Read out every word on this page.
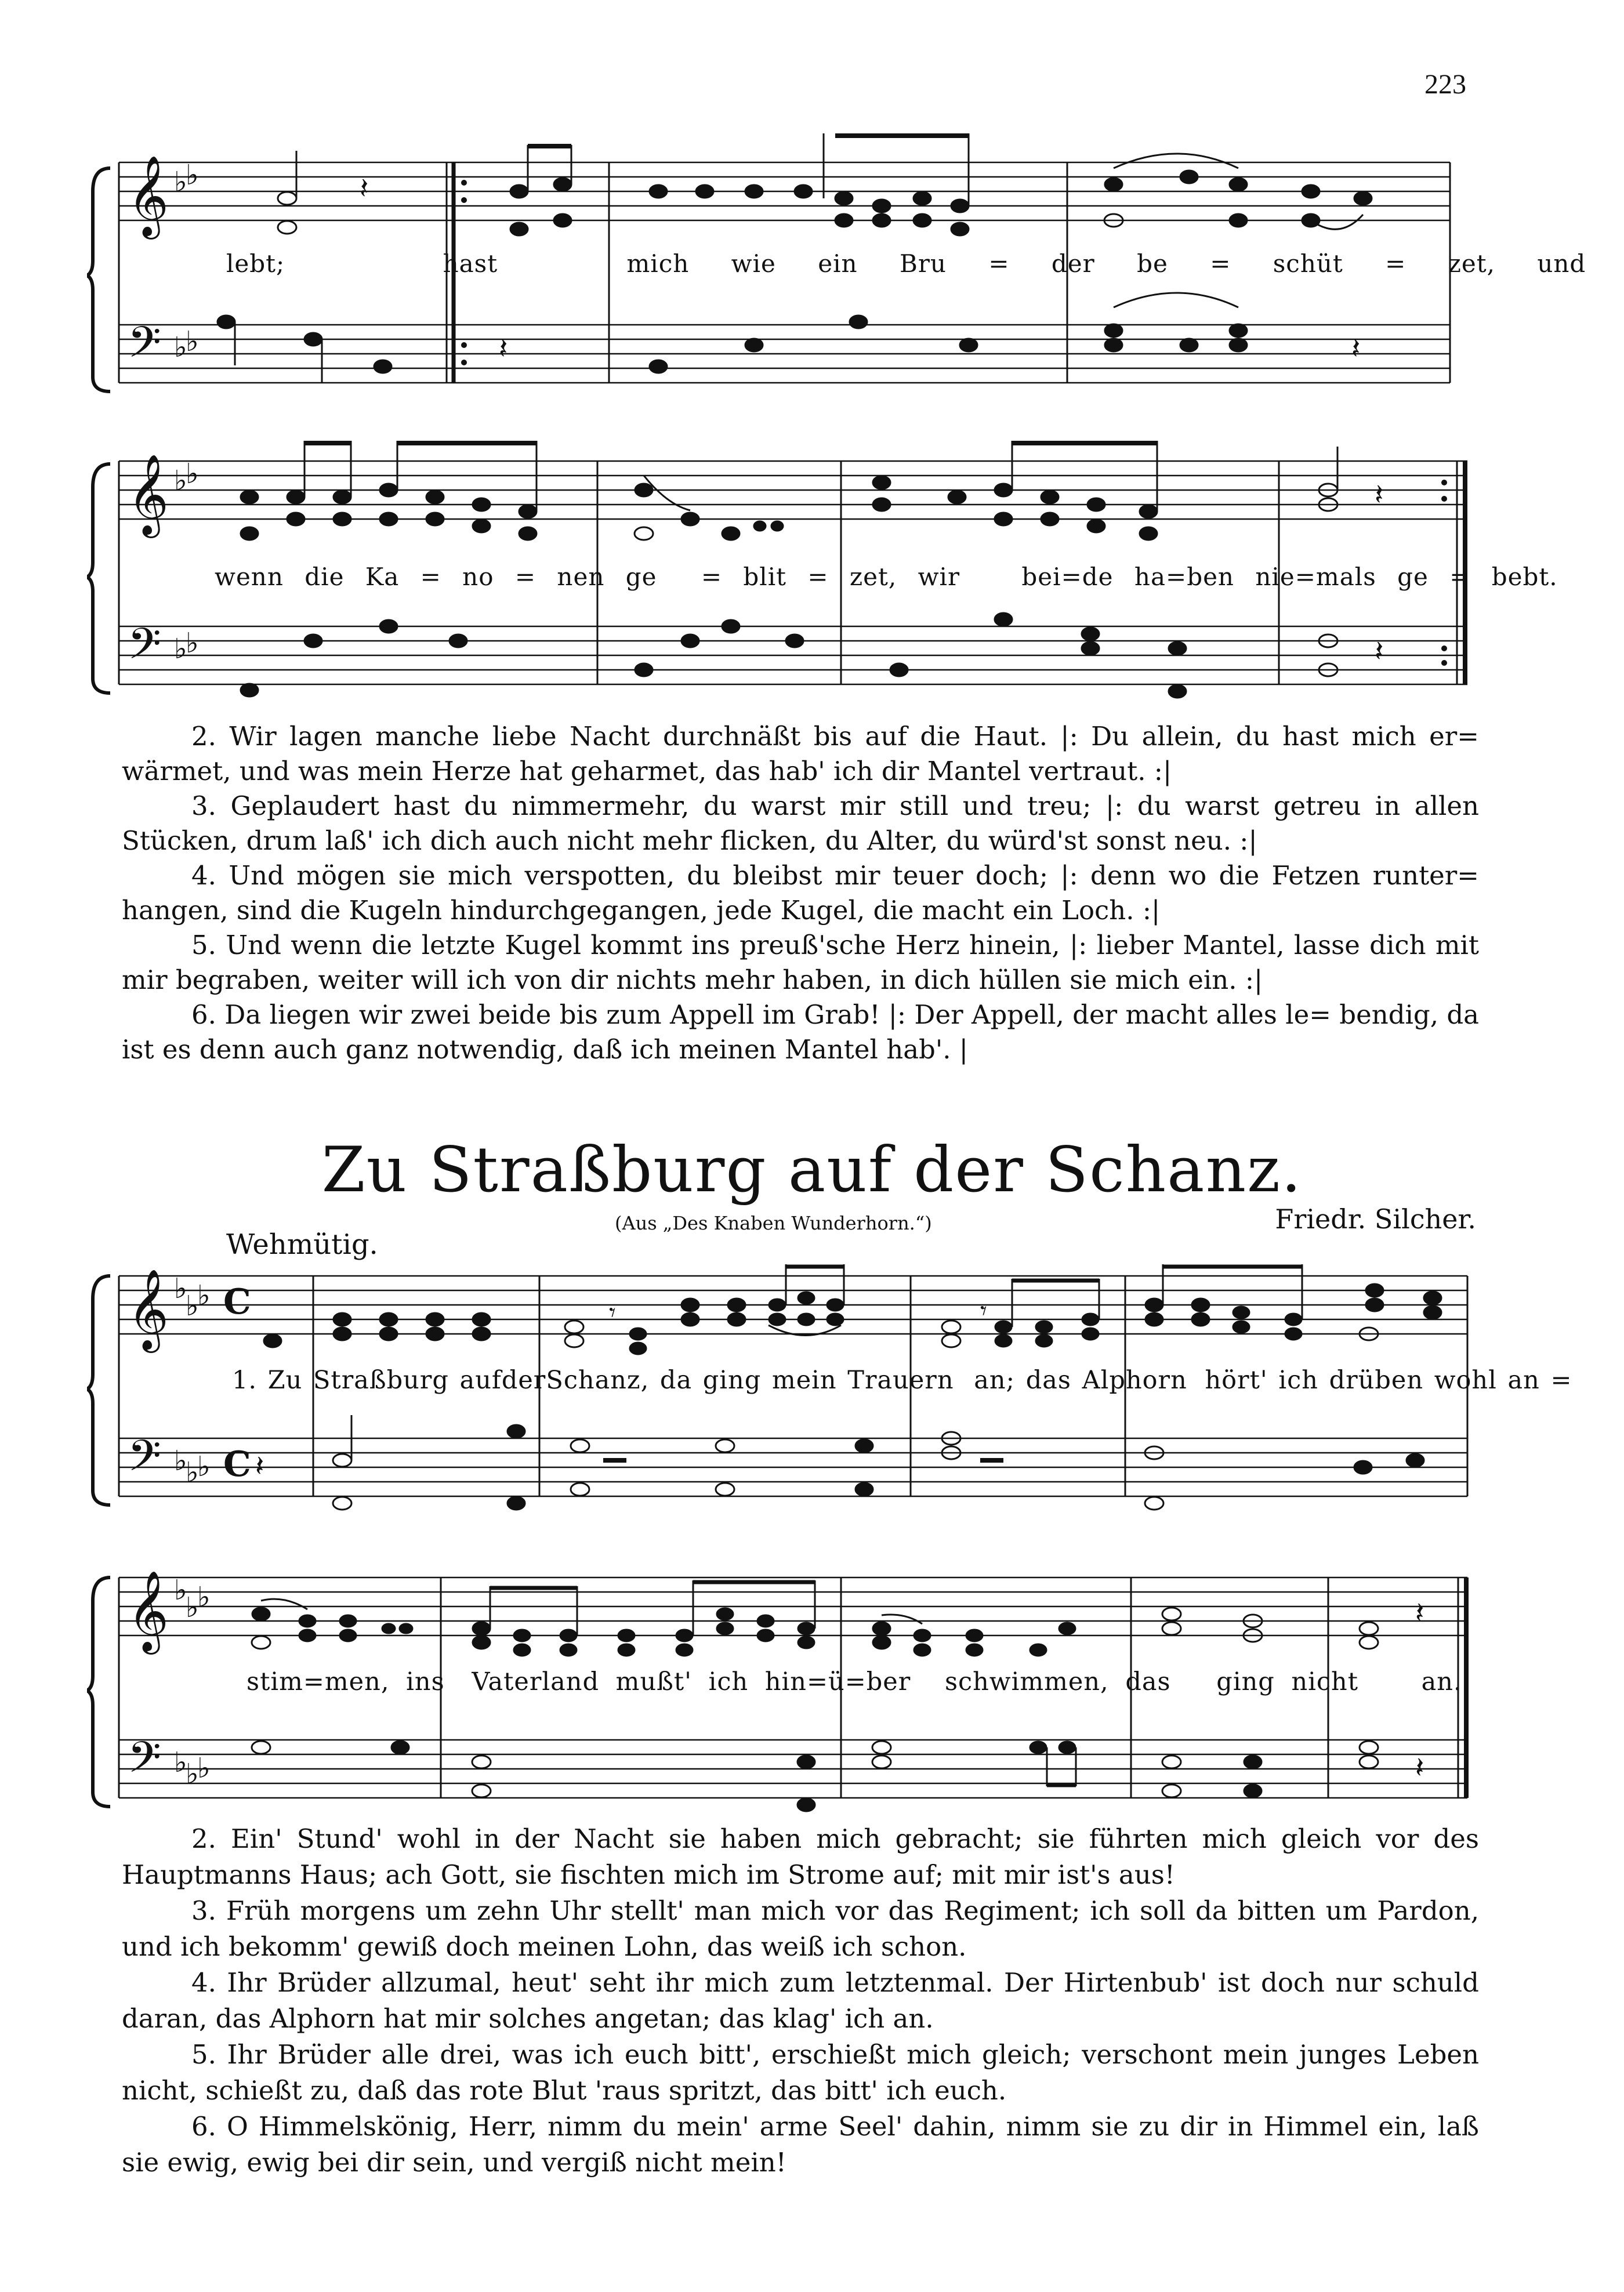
223
𝄞 ♭
♭
𝄢 ♭
♭
𝄽
𝄽	𝄽
lebt;	hast	mich wie ein Bru = der be = schüt = zet, und
𝄞 ♭
♭
𝄢 ♭
♭
𝄽
𝄽
wenn die Ka = no = nen ge = blit = zet, wir	bei=de ha=ben nie=mals ge = bebt.

2. Wir lagen manche liebe Nacht durchnäßt bis auf die Haut. |: Du allein, du hast mich er= wärmet, und was mein Herze hat geharmet, das hab' ich dir Mantel vertraut. :|

3. Geplaudert hast du nimmermehr, du warst mir still und treu; |: du warst getreu in allen Stücken, drum laß' ich dich auch nicht mehr flicken, du Alter, du würd'st sonst neu. :|

4. Und mögen sie mich verspotten, du bleibst mir teuer doch; |: denn wo die Fetzen runter= hangen, sind die Kugeln hindurchgegangen, jede Kugel, die macht ein Loch. :|

5. Und wenn die letzte Kugel kommt ins preuß'sche Herz hinein, |: lieber Mantel, lasse dich mit mir begraben, weiter will ich von dir nichts mehr haben, in dich hüllen sie mich ein. :|

6. Da liegen wir zwei beide bis zum Appell im Grab! |: Der Appell, der macht alles le= bendig, da ist es denn auch ganz notwendig, daß ich meinen Mantel hab'. |

Zu Straßburg auf der Schanz.
(Aus „Des Knaben Wunderhorn.“)	Friedr. Silcher.
Wehmütig.
𝄞 ♭
♭
♭ C
𝄢 ♭
♭
♭ C
𝄾	𝄾
𝄽
1. Zu Straßburg aufderSchanz, da ging mein Trauern an; das Alphorn hört' ich drüben wohl an =
𝄞 ♭
♭
♭
𝄢 ♭
♭
♭
𝄽
𝄽
stim=men, ins Vaterland mußt' ich hin=ü=ber schwimmen, das ging nicht	an.

2. Ein' Stund' wohl in der Nacht sie haben mich gebracht; sie führten mich gleich vor des Hauptmanns Haus; ach Gott, sie fischten mich im Strome auf; mit mir ist's aus!

3. Früh morgens um zehn Uhr stellt' man mich vor das Regiment; ich soll da bitten um Pardon, und ich bekomm' gewiß doch meinen Lohn, das weiß ich schon.

4. Ihr Brüder allzumal, heut' seht ihr mich zum letztenmal. Der Hirtenbub' ist doch nur schuld daran, das Alphorn hat mir solches angetan; das klag' ich an.

5. Ihr Brüder alle drei, was ich euch bitt', erschießt mich gleich; verschont mein junges Leben nicht, schießt zu, daß das rote Blut 'raus spritzt, das bitt' ich euch.

6. O Himmelskönig, Herr, nimm du mein' arme Seel' dahin, nimm sie zu dir in Himmel ein, laß sie ewig, ewig bei dir sein, und vergiß nicht mein!
